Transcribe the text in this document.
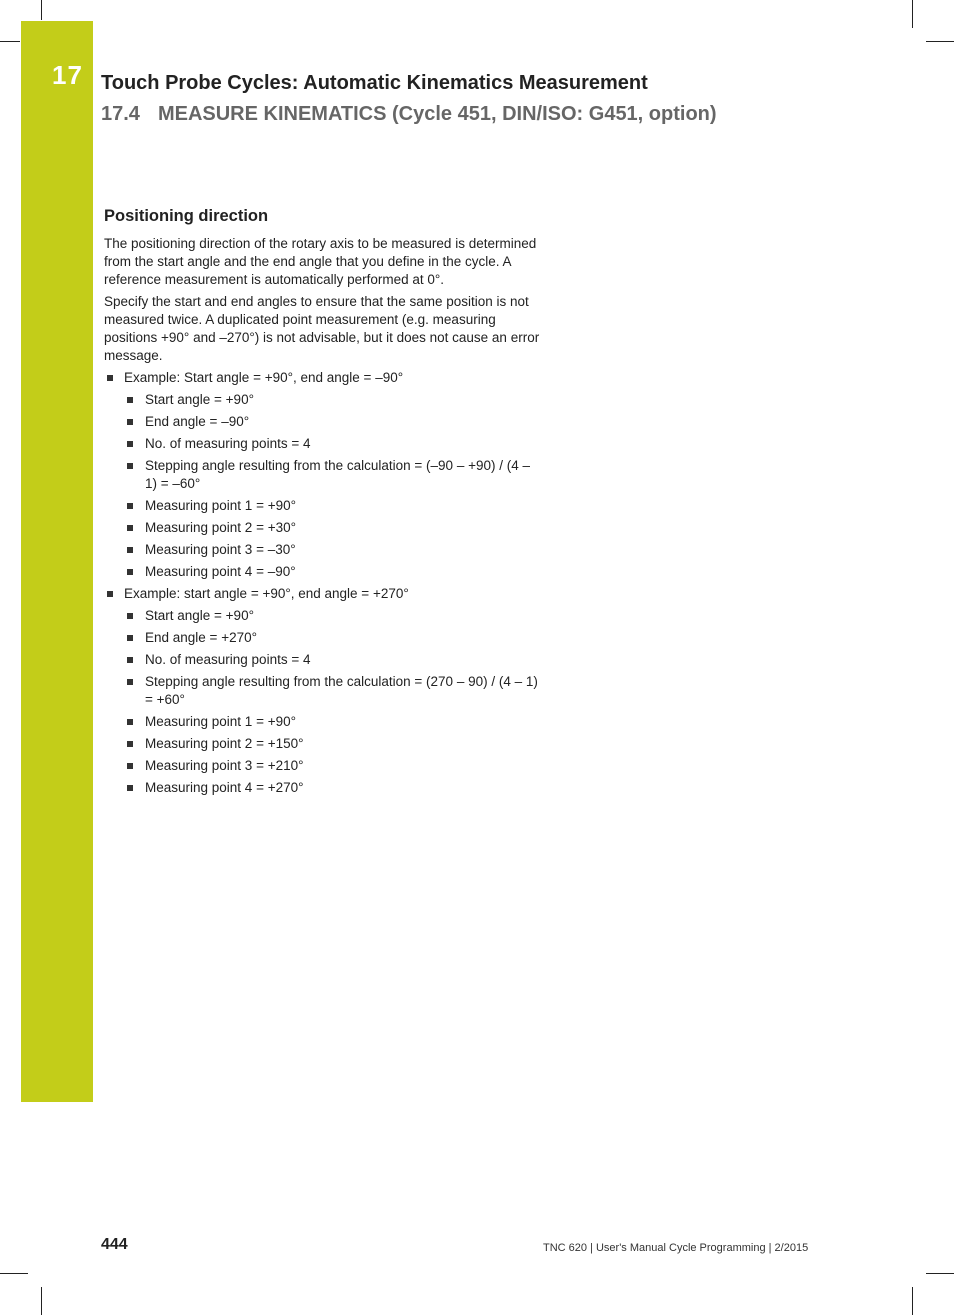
17 Touch Probe Cycles: Automatic Kinematics Measurement
17.4 MEASURE KINEMATICS (Cycle 451, DIN/ISO: G451, option)
Positioning direction

The positioning direction of the rotary axis to be measured is determined from the start angle and the end angle that you define in the cycle. A reference measurement is automatically performed at 0°.

Specify the start and end angles to ensure that the same position is not measured twice. A duplicated point measurement (e.g. measuring positions +90° and –270°) is not advisable, but it does not cause an error message.

Example: Start angle = +90°, end angle = –90°
Start angle = +90°
End angle = –90°
No. of measuring points = 4
Stepping angle resulting from the calculation = (–90 – +90) / (4 – 1) = –60°
Measuring point 1 = +90°
Measuring point 2 = +30°
Measuring point 3 = –30°
Measuring point 4 = –90°
Example: start angle = +90°, end angle = +270°
Start angle = +90°
End angle = +270°
No. of measuring points = 4
Stepping angle resulting from the calculation = (270 – 90) / (4 – 1) = +60°
Measuring point 1 = +90°
Measuring point 2 = +150°
Measuring point 3 = +210°
Measuring point 4 = +270°
444	TNC 620 | User's Manual Cycle Programming | 2/2015
